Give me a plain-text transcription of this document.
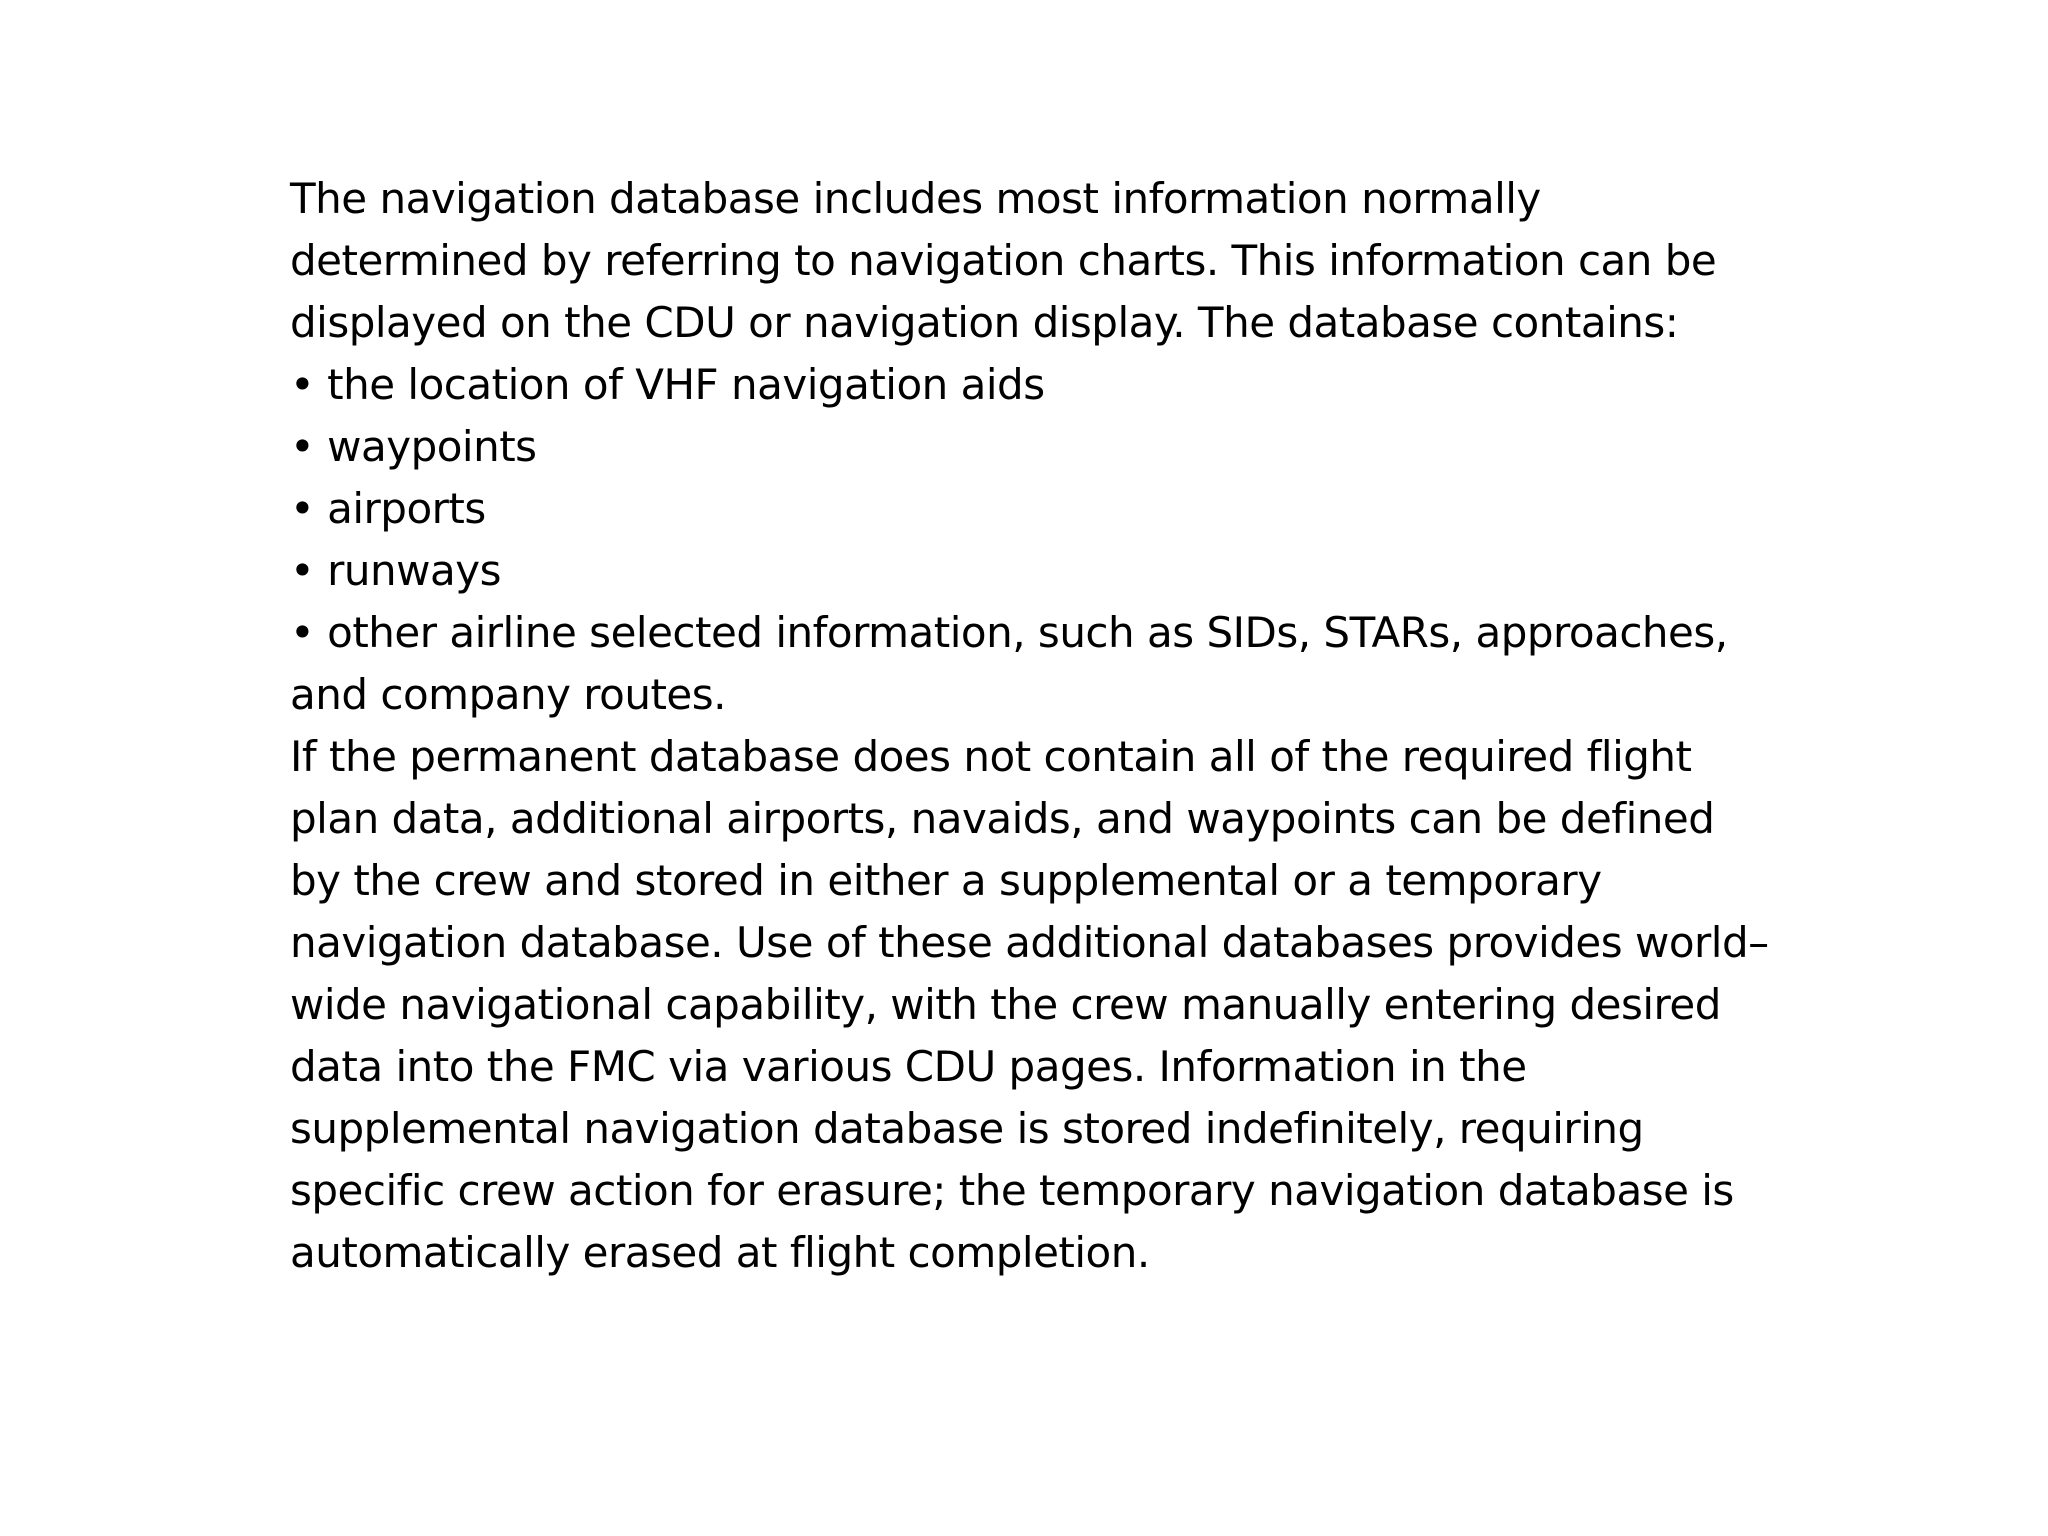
The navigation database includes most information normally
determined by referring to navigation charts. This information can be
displayed on the CDU or navigation display. The database contains:
• the location of VHF navigation aids
• waypoints
• airports
• runways
• other airline selected information, such as SIDs, STARs, approaches,
and company routes.
If the permanent database does not contain all of the required flight
plan data, additional airports, navaids, and waypoints can be defined
by the crew and stored in either a supplemental or a temporary
navigation database. Use of these additional databases provides world–
wide navigational capability, with the crew manually entering desired
data into the FMC via various CDU pages. Information in the
supplemental navigation database is stored indefinitely, requiring
specific crew action for erasure; the temporary navigation database is
automatically erased at flight completion.
